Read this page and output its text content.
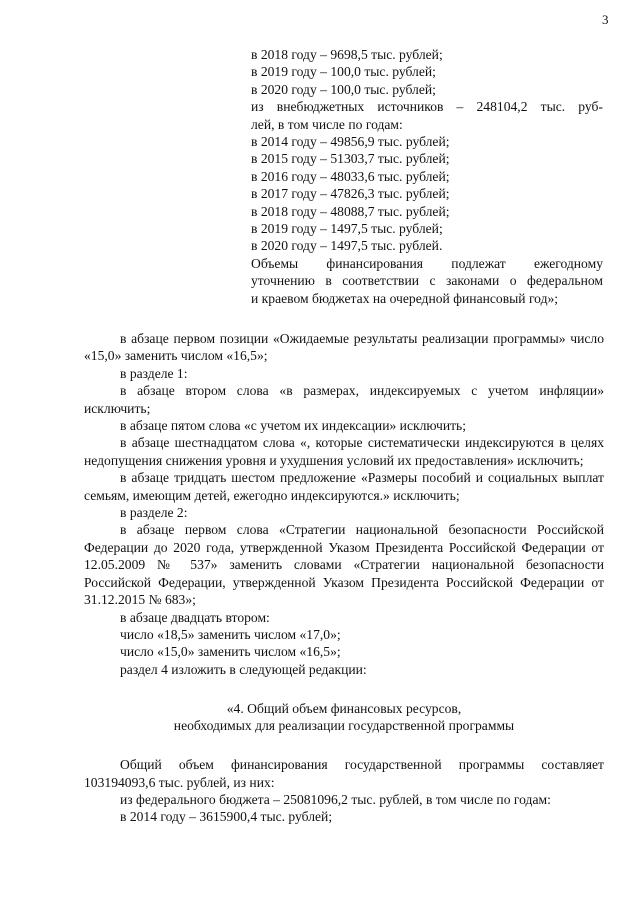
3
в 2018 году – 9698,5 тыс. рублей;
в 2019 году – 100,0 тыс. рублей;
в 2020 году – 100,0 тыс. рублей;
из внебюджетных источников – 248104,2 тыс. руб-
лей, в том числе по годам:
в 2014 году – 49856,9 тыс. рублей;
в 2015 году – 51303,7 тыс. рублей;
в 2016 году – 48033,6 тыс. рублей;
в 2017 году – 47826,3 тыс. рублей;
в 2018 году – 48088,7 тыс. рублей;
в 2019 году – 1497,5 тыс. рублей;
в 2020 году – 1497,5 тыс. рублей.
Объемы финансирования подлежат ежегодному
уточнению в соответствии с законами о федеральном
и краевом бюджетах на очередной финансовый год»;

в абзаце первом позиции «Ожидаемые результаты реализации программы» число «15,0» заменить числом «16,5»;

в разделе 1:

в абзаце втором слова «в размерах, индексируемых с учетом инфляции» исключить;

в абзаце пятом слова «с учетом их индексации» исключить;

в абзаце шестнадцатом слова «, которые систематически индексируются в целях недопущения снижения уровня и ухудшения условий их предоставления» исключить;

в абзаце тридцать шестом предложение «Размеры пособий и социальных выплат семьям, имеющим детей, ежегодно индексируются.» исключить;

в разделе 2:

в абзаце первом слова «Стратегии национальной безопасности Российской Федерации до 2020 года, утвержденной Указом Президента Российской Федерации от 12.05.2009 № 537» заменить словами «Стратегии национальной безопасности Российской Федерации, утвержденной Указом Президента Российской Федерации от 31.12.2015 № 683»;

в абзаце двадцать втором:

число «18,5» заменить числом «17,0»;

число «15,0» заменить числом «16,5»;

раздел 4 изложить в следующей редакции:

«4. Общий объем финансовых ресурсов,
необходимых для реализации государственной программы

Общий объем финансирования государственной программы составляет 103194093,6 тыс. рублей, из них:

из федерального бюджета – 25081096,2 тыс. рублей, в том числе по годам:

в 2014 году – 3615900,4 тыс. рублей;
